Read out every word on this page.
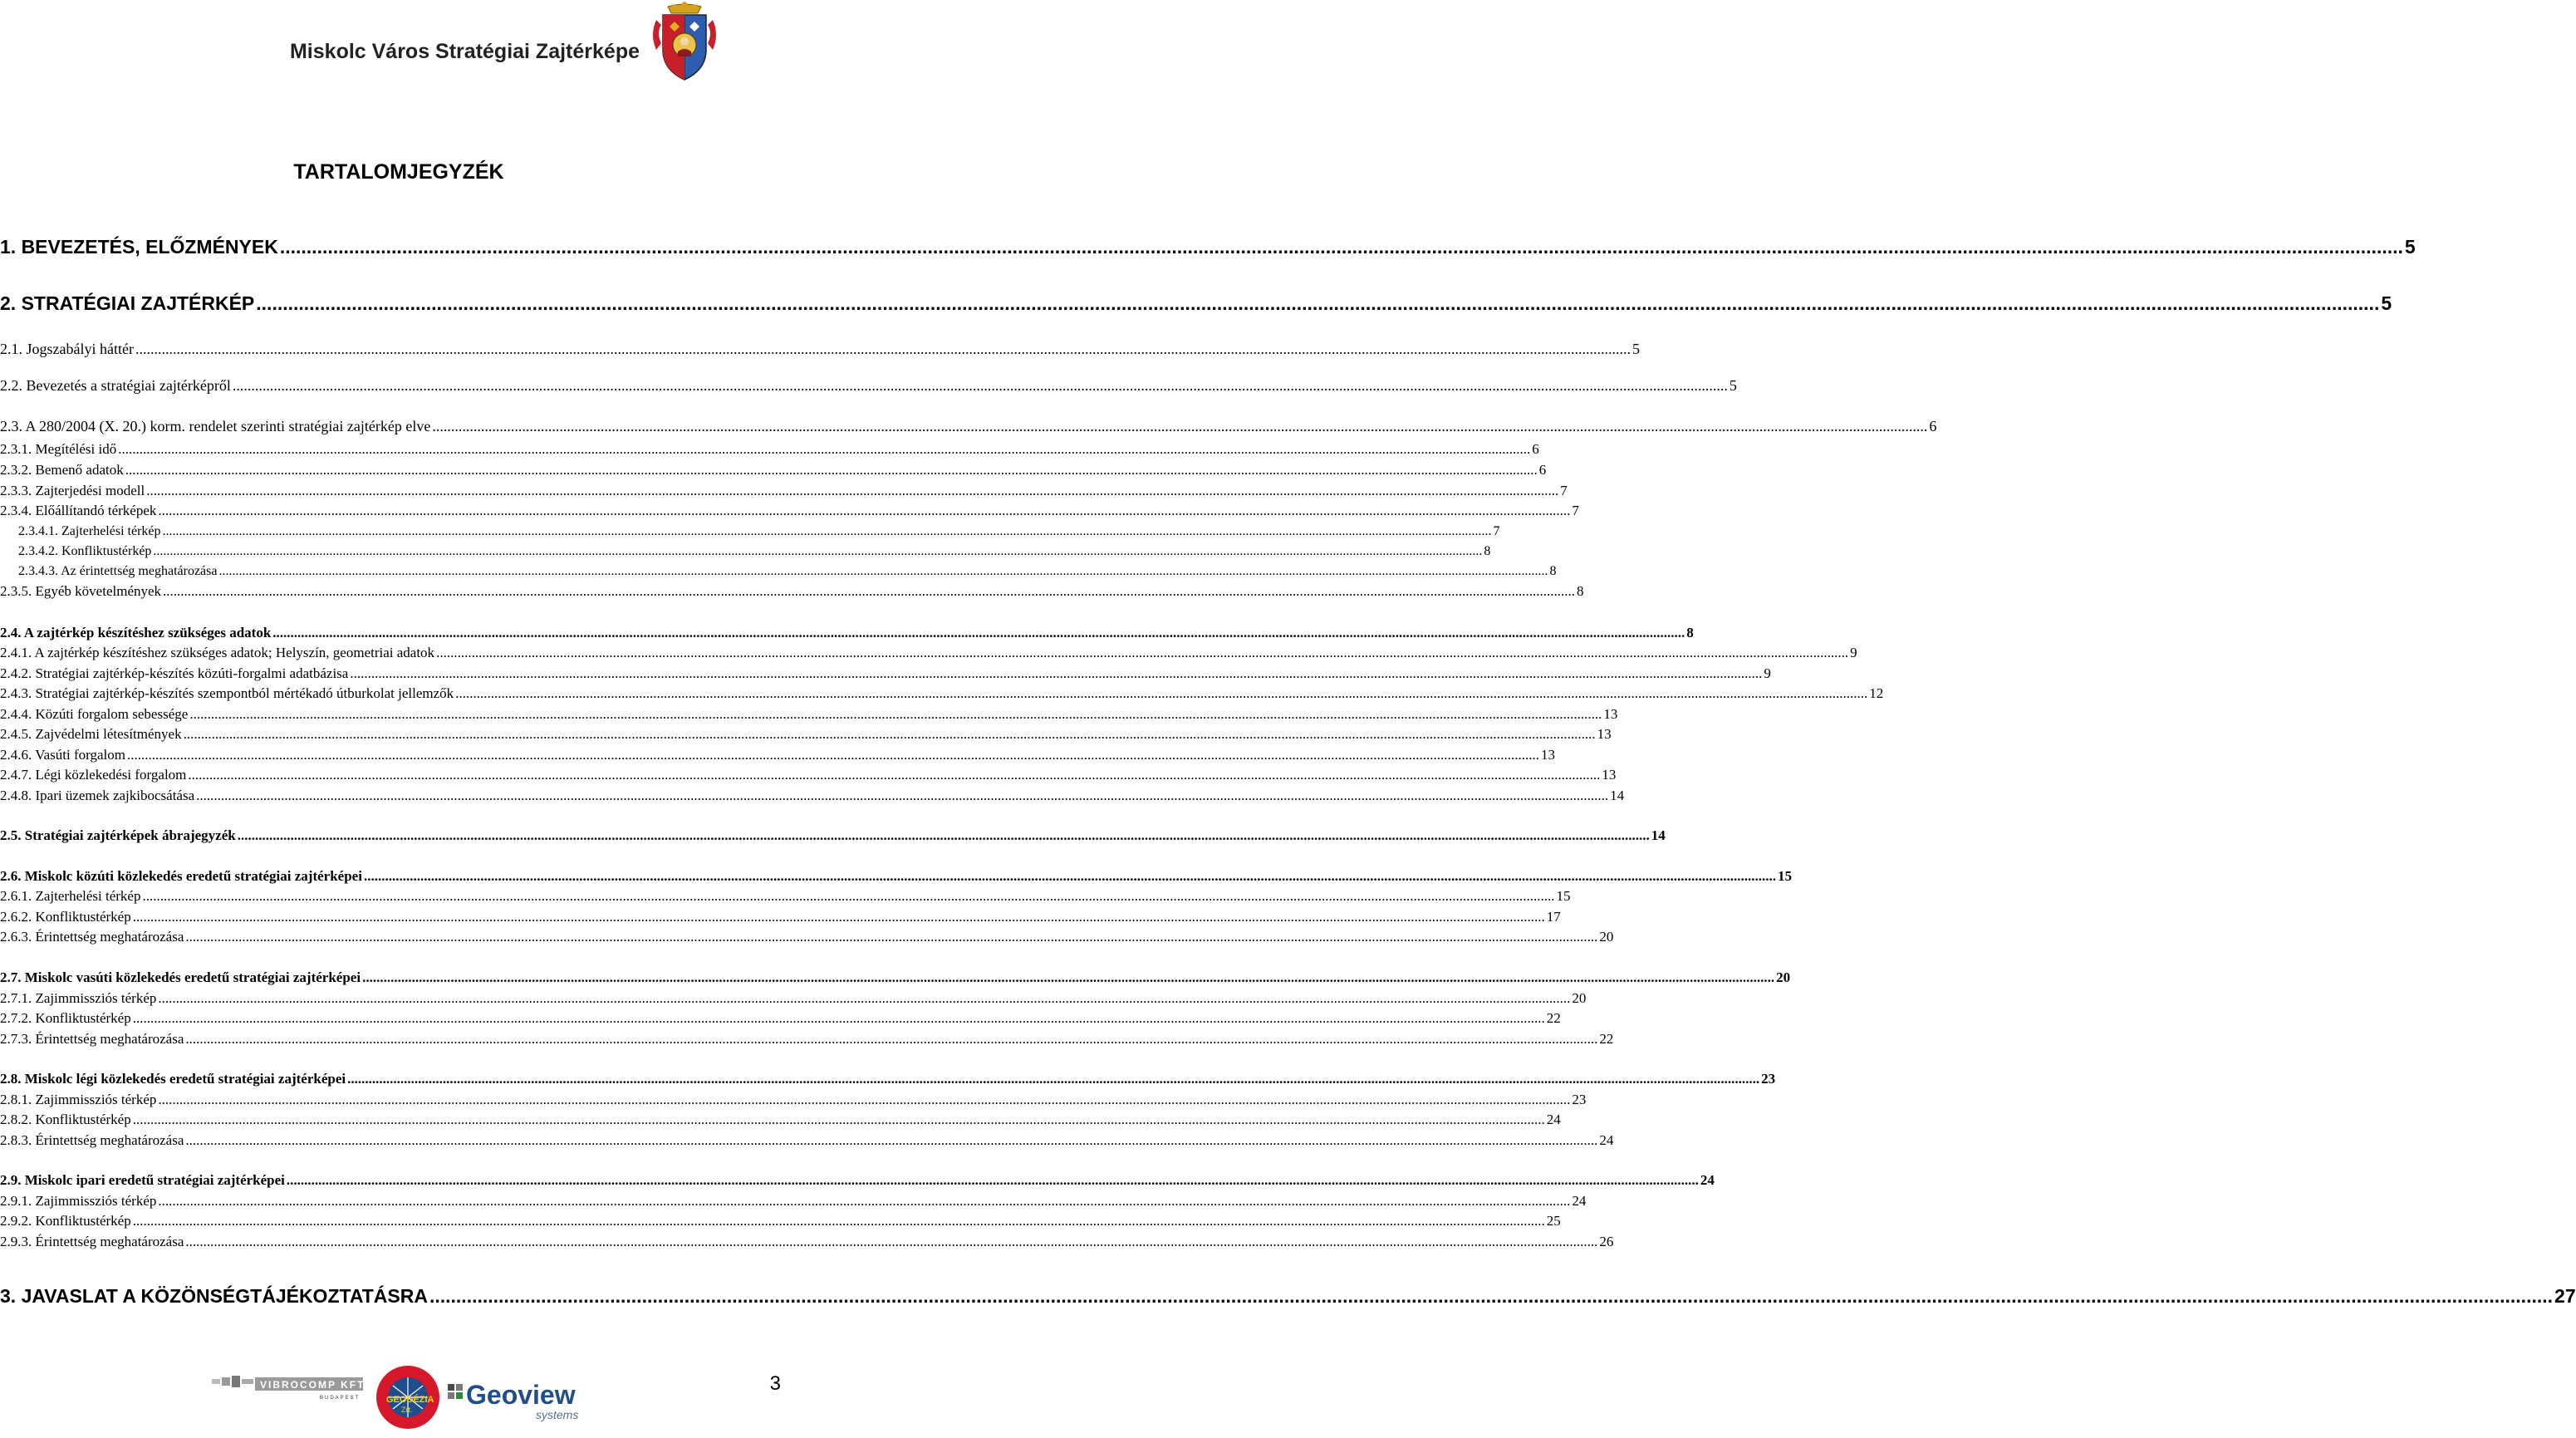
Miskolc Város Stratégiai Zajtérképe
TARTALOMJEGYZÉK
1. BEVEZETÉS, ELŐZMÉNYEK ................................................................................................................................................................................................................................................................................................................................................................................................................ 5
2. STRATÉGIAI ZAJTÉRKÉP ................................................................................................................................................................................................................................................................................................................................................................................................................ 5
2.1. Jogszabályi háttér ................................................................................................................................................................................................................................................................................................................................................................................................................ 5
2.2. Bevezetés a stratégiai zajtérképről ................................................................................................................................................................................................................................................................................................................................................................................................................ 5
2.3. A 280/2004 (X. 20.) korm. rendelet szerinti stratégiai zajtérkép elve ................................................................................................................................................................................................................................................................................................................................................................................................................ 6
2.3.1. Megítélési idő ................................................................................................................................................................................................................................................................................................................................................................................................................ 6
2.3.2. Bemenő adatok ................................................................................................................................................................................................................................................................................................................................................................................................................ 6
2.3.3. Zajterjedési modell ................................................................................................................................................................................................................................................................................................................................................................................................................ 7
2.3.4. Előállítandó térképek ................................................................................................................................................................................................................................................................................................................................................................................................................ 7
2.3.4.1. Zajterhelési térkép ................................................................................................................................................................................................................................................................................................................................................................................................................ 7
2.3.4.2. Konfliktustérkép ................................................................................................................................................................................................................................................................................................................................................................................................................ 8
2.3.4.3. Az érintettség meghatározása ................................................................................................................................................................................................................................................................................................................................................................................................................ 8
2.3.5. Egyéb követelmények ................................................................................................................................................................................................................................................................................................................................................................................................................ 8
2.4. A zajtérkép készítéshez szükséges adatok ................................................................................................................................................................................................................................................................................................................................................................................................................ 8
2.4.1. A zajtérkép készítéshez szükséges adatok; Helyszín, geometriai adatok ................................................................................................................................................................................................................................................................................................................................................................................................................ 9
2.4.2. Stratégiai zajtérkép-készítés közúti-forgalmi adatbázisa ................................................................................................................................................................................................................................................................................................................................................................................................................ 9
2.4.3. Stratégiai zajtérkép-készítés szempontból mértékadó útburkolat jellemzők ................................................................................................................................................................................................................................................................................................................................................................................................................ 12
2.4.4. Közúti forgalom sebessége ................................................................................................................................................................................................................................................................................................................................................................................................................ 13
2.4.5. Zajvédelmi létesítmények ................................................................................................................................................................................................................................................................................................................................................................................................................ 13
2.4.6. Vasúti forgalom ................................................................................................................................................................................................................................................................................................................................................................................................................ 13
2.4.7. Légi közlekedési forgalom ................................................................................................................................................................................................................................................................................................................................................................................................................ 13
2.4.8. Ipari üzemek zajkibocsátása ................................................................................................................................................................................................................................................................................................................................................................................................................ 14
2.5. Stratégiai zajtérképek ábrajegyzék ................................................................................................................................................................................................................................................................................................................................................................................................................ 14
2.6. Miskolc közúti közlekedés eredetű stratégiai zajtérképei ................................................................................................................................................................................................................................................................................................................................................................................................................ 15
2.6.1. Zajterhelési térkép ................................................................................................................................................................................................................................................................................................................................................................................................................ 15
2.6.2. Konfliktustérkép ................................................................................................................................................................................................................................................................................................................................................................................................................ 17
2.6.3. Érintettség meghatározása ................................................................................................................................................................................................................................................................................................................................................................................................................ 20
2.7. Miskolc vasúti közlekedés eredetű stratégiai zajtérképei ................................................................................................................................................................................................................................................................................................................................................................................................................ 20
2.7.1. Zajimmissziós térkép ................................................................................................................................................................................................................................................................................................................................................................................................................ 20
2.7.2. Konfliktustérkép ................................................................................................................................................................................................................................................................................................................................................................................................................ 22
2.7.3. Érintettség meghatározása ................................................................................................................................................................................................................................................................................................................................................................................................................ 22
2.8. Miskolc légi közlekedés eredetű stratégiai zajtérképei ................................................................................................................................................................................................................................................................................................................................................................................................................ 23
2.8.1. Zajimmissziós térkép ................................................................................................................................................................................................................................................................................................................................................................................................................ 23
2.8.2. Konfliktustérkép ................................................................................................................................................................................................................................................................................................................................................................................................................ 24
2.8.3. Érintettség meghatározása ................................................................................................................................................................................................................................................................................................................................................................................................................ 24
2.9. Miskolc ipari eredetű stratégiai zajtérképei ................................................................................................................................................................................................................................................................................................................................................................................................................ 24
2.9.1. Zajimmissziós térkép ................................................................................................................................................................................................................................................................................................................................................................................................................ 24
2.9.2. Konfliktustérkép ................................................................................................................................................................................................................................................................................................................................................................................................................ 25
2.9.3. Érintettség meghatározása ................................................................................................................................................................................................................................................................................................................................................................................................................ 26
3. JAVASLAT A KÖZÖNSÉGTÁJÉKOZTATÁSRA ................................................................................................................................................................................................................................................................................................................................................................................................................ 27
VIBROCOMP KFT
BUDAPEST	GEODÉZIA
Zrt. Geoview
systems
3
